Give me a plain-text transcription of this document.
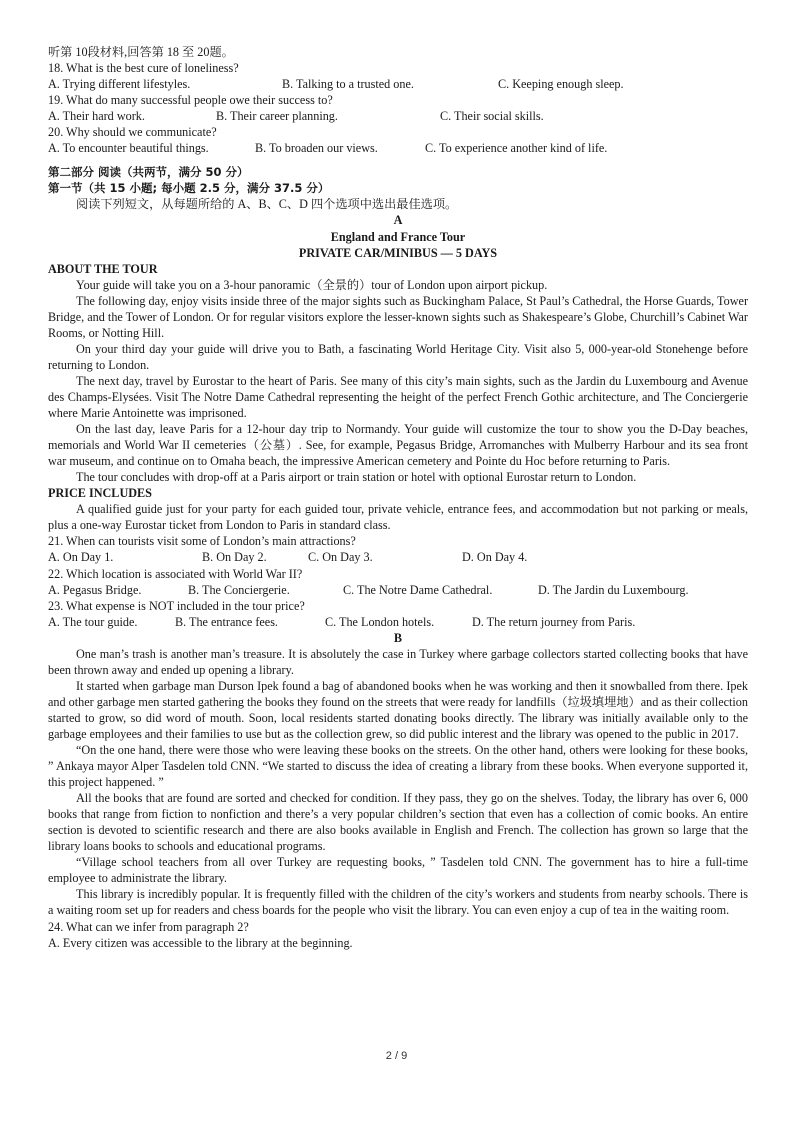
听第 10段材料,回答第 18 至 20题。
18. What is the best cure of loneliness?
A. Trying different lifestyles.	B. Talking to a trusted one.	C. Keeping enough sleep.
19. What do many successful people owe their success to?
A. Their hard work.	B. Their career planning.	C. Their social skills.
20. Why should we communicate?
A. To encounter beautiful things.	B. To broaden our views.	C. To experience another kind of life.
第二部分 阅读（共两节，满分 50 分）
第一节（共 15 小题; 每小题 2.5 分，满分 37.5 分）
阅读下列短文，从每题所给的 A、B、C、D 四个选项中选出最佳选项。
A
England and France Tour
PRIVATE CAR/MINIBUS — 5 DAYS
ABOUT THE TOUR
Your guide will take you on a 3-hour panoramic（全景的）tour of London upon airport pickup.
The following day, enjoy visits inside three of the major sights such as Buckingham Palace, St Paul’s Cathedral, the Horse Guards, Tower Bridge, and the Tower of London. Or for regular visitors explore the lesser-known sights such as Shakespeare’s Globe, Churchill’s Cabinet War Rooms, or Notting Hill.
On your third day your guide will drive you to Bath, a fascinating World Heritage City. Visit also 5, 000-year-old Stonehenge before returning to London.
The next day, travel by Eurostar to the heart of Paris. See many of this city’s main sights, such as the Jardin du Luxembourg and Avenue des Champs-Elysées. Visit The Notre Dame Cathedral representing the height of the perfect French Gothic architecture, and The Conciergerie where Marie Antoinette was imprisoned.
On the last day, leave Paris for a 12-hour day trip to Normandy. Your guide will customize the tour to show you the D-Day beaches, memorials and World War II cemeteries（公墓）. See, for example, Pegasus Bridge, Arromanches with Mulberry Harbour and its sea front war museum, and continue on to Omaha beach, the impressive American cemetery and Pointe du Hoc before returning to Paris.
The tour concludes with drop-off at a Paris airport or train station or hotel with optional Eurostar return to London.
PRICE INCLUDES
A qualified guide just for your party for each guided tour, private vehicle, entrance fees, and accommodation but not parking or meals, plus a one-way Eurostar ticket from London to Paris in standard class.
21. When can tourists visit some of London’s main attractions?
A. On Day 1.	B. On Day 2.	C. On Day 3.	D. On Day 4.
22. Which location is associated with World War II?
A. Pegasus Bridge.	B. The Conciergerie.	C. The Notre Dame Cathedral.	D. The Jardin du Luxembourg.
23. What expense is NOT included in the tour price?
A. The tour guide.	B. The entrance fees.	C. The London hotels.	D. The return journey from Paris.
B
One man’s trash is another man’s treasure. It is absolutely the case in Turkey where garbage collectors started collecting books that have been thrown away and ended up opening a library.
It started when garbage man Durson Ipek found a bag of abandoned books when he was working and then it snowballed from there. Ipek and other garbage men started gathering the books they found on the streets that were ready for landfills（垃圾填埋地）and as their collection started to grow, so did word of mouth. Soon, local residents started donating books directly. The library was initially available only to the garbage employees and their families to use but as the collection grew, so did public interest and the library was opened to the public in 2017.
“On the one hand, there were those who were leaving these books on the streets. On the other hand, others were looking for these books, ” Ankaya mayor Alper Tasdelen told CNN. “We started to discuss the idea of creating a library from these books. When everyone supported it, this project happened. ”
All the books that are found are sorted and checked for condition. If they pass, they go on the shelves. Today, the library has over 6, 000 books that range from fiction to nonfiction and there’s a very popular children’s section that even has a collection of comic books. An entire section is devoted to scientific research and there are also books available in English and French. The collection has grown so large that the library loans books to schools and educational programs.
“Village school teachers from all over Turkey are requesting books, ” Tasdelen told CNN. The government has to hire a full-time employee to administrate the library.
This library is incredibly popular. It is frequently filled with the children of the city’s workers and students from nearby schools. There is a waiting room set up for readers and chess boards for the people who visit the library. You can even enjoy a cup of tea in the waiting room.
24. What can we infer from paragraph 2?
A. Every citizen was accessible to the library at the beginning.
2 / 9
